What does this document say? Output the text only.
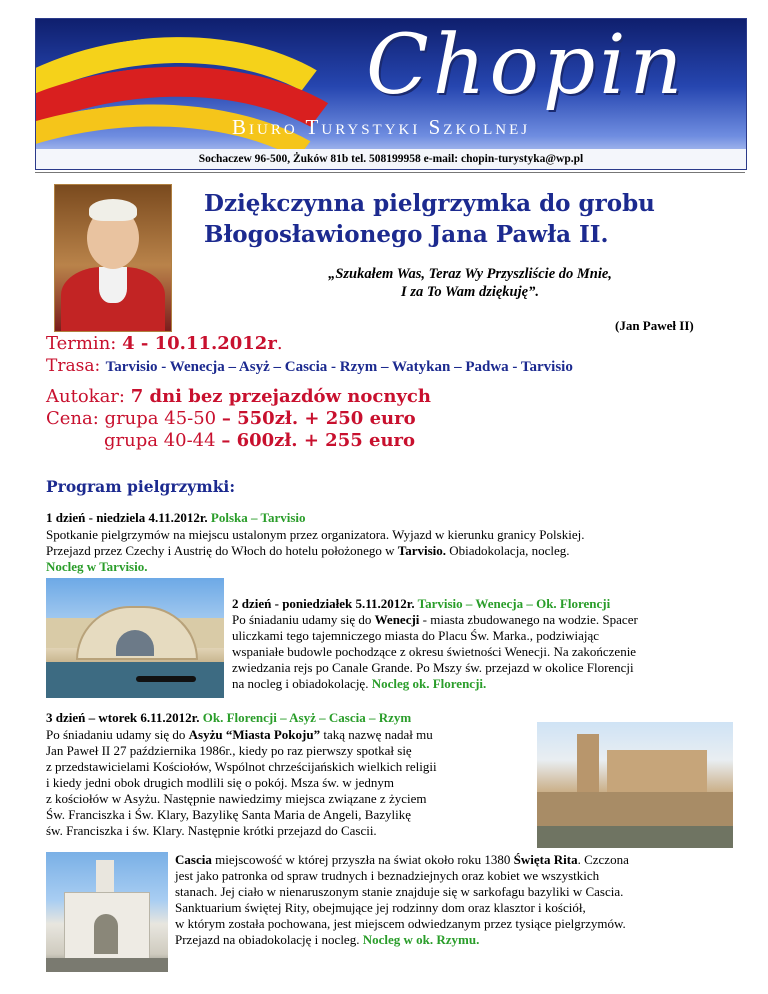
Chopin
Biuro Turystyki Szkolnej
Sochaczew 96-500, Żuków 81b tel. 508199958 e-mail: chopin-turystyka@wp.pl
Dziękczynna pielgrzymka do grobu
Błogosławionego Jana Pawła II.
„Szukałem Was, Teraz Wy Przyszliście do Mnie,
I za To Wam dziękuję”.
(Jan Paweł II)
Termin: 4 - 10.11.2012r.
Trasa: Tarvisio - Wenecja – Asyż – Cascia - Rzym – Watykan – Padwa - Tarvisio
Autokar: 7 dni bez przejazdów nocnych
Cena: grupa 45-50 – 550zł. + 250 euro
grupa 40-44 – 600zł. + 255 euro
Program pielgrzymki:
1 dzień - niedziela 4.11.2012r. Polska – Tarvisio
Spotkanie pielgrzymów na miejscu ustalonym przez organizatora. Wyjazd w kierunku granicy Polskiej.
Przejazd przez Czechy i Austrię do Włoch do hotelu położonego w Tarvisio. Obiadokolacja, nocleg.
Nocleg w Tarvisio.
2 dzień - poniedziałek 5.11.2012r. Tarvisio – Wenecja – Ok. Florencji
Po śniadaniu udamy się do Wenecji - miasta zbudowanego na wodzie. Spacer
uliczkami tego tajemniczego miasta do Placu Św. Marka., podziwiając
wspaniałe budowle pochodzące z okresu świetności Wenecji. Na zakończenie
zwiedzania rejs po Canale Grande. Po Mszy św. przejazd w okolice Florencji
na nocleg i obiadokolację. Nocleg ok. Florencji.
3 dzień – wtorek 6.11.2012r. Ok. Florencji – Asyż – Cascia – Rzym
Po śniadaniu udamy się do Asyżu “Miasta Pokoju” taką nazwę nadał mu
Jan Paweł II 27 października 1986r., kiedy po raz pierwszy spotkał się
z przedstawicielami Kościołów, Wspólnot chrześcijańskich wielkich religii
i kiedy jedni obok drugich modlili się o pokój. Msza św. w jednym
z kościołów w Asyżu. Następnie nawiedzimy miejsca związane z życiem
Św. Franciszka i Św. Klary, Bazylikę Santa Maria de Angeli, Bazylikę
św. Franciszka i św. Klary. Następnie krótki przejazd do Cascii.
Cascia miejscowość w której przyszła na świat około roku 1380 Święta Rita. Czczona
jest jako patronka od spraw trudnych i beznadziejnych oraz kobiet we wszystkich
stanach. Jej ciało w nienaruszonym stanie znajduje się w sarkofagu bazyliki w Cascia.
Sanktuarium świętej Rity, obejmujące jej rodzinny dom oraz klasztor i kościół,
w którym została pochowana, jest miejscem odwiedzanym przez tysiące pielgrzymów.
Przejazd na obiadokolację i nocleg. Nocleg w ok. Rzymu.
